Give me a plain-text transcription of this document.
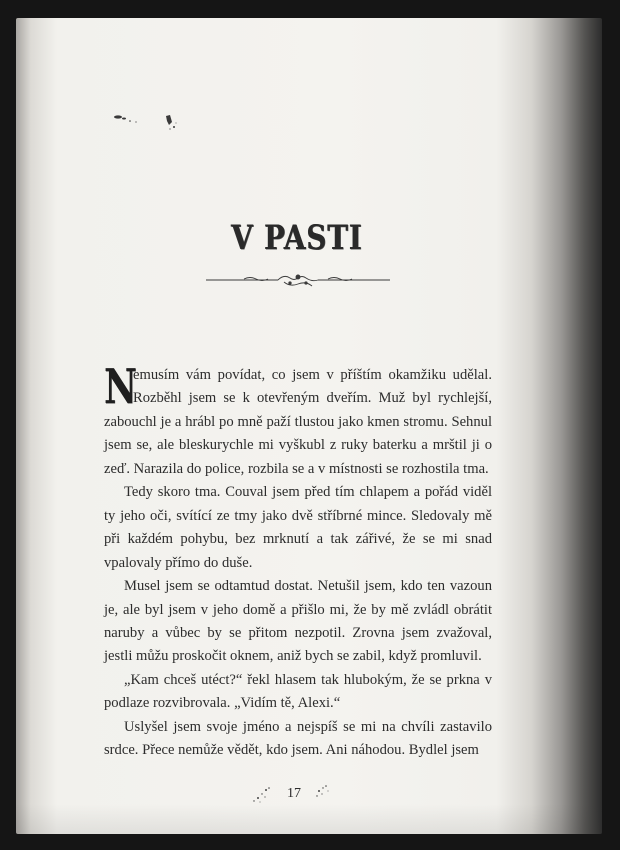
V PASTI

N
emusím vám povídat, co jsem v příštím okamžiku udělal. Rozběhl jsem se k otevřeným dveřím. Muž byl rychlejší, zabouchl je a hrábl po mně paží tlustou jako kmen stromu. Sehnul jsem se, ale bleskurychle mi vyškubl z ruky baterku a mrštil ji o zeď. Narazila do police, rozbila se a v místnosti se rozhostila tma.

Tedy skoro tma. Couval jsem před tím chlapem a pořád viděl ty jeho oči, svítící ze tmy jako dvě stříbrné mince. Sledovaly mě při každém pohybu, bez mrknutí a tak zářivé, že se mi snad vpalovaly přímo do duše.

Musel jsem se odtamtud dostat. Netušil jsem, kdo ten vazoun je, ale byl jsem v jeho domě a přišlo mi, že by mě zvládl obrátit naruby a vůbec by se přitom nezpotil. Zrovna jsem zvažoval, jestli můžu proskočit oknem, aniž bych se zabil, když promluvil.

„Kam chceš utéct?“ řekl hlasem tak hlubokým, že se prkna v podlaze rozvibrovala. „Vidím tě, Alexi.“

Uslyšel jsem svoje jméno a nejspíš se mi na chvíli zastavilo srdce. Přece nemůže vědět, kdo jsem. Ani náhodou. Bydlel jsem

17
